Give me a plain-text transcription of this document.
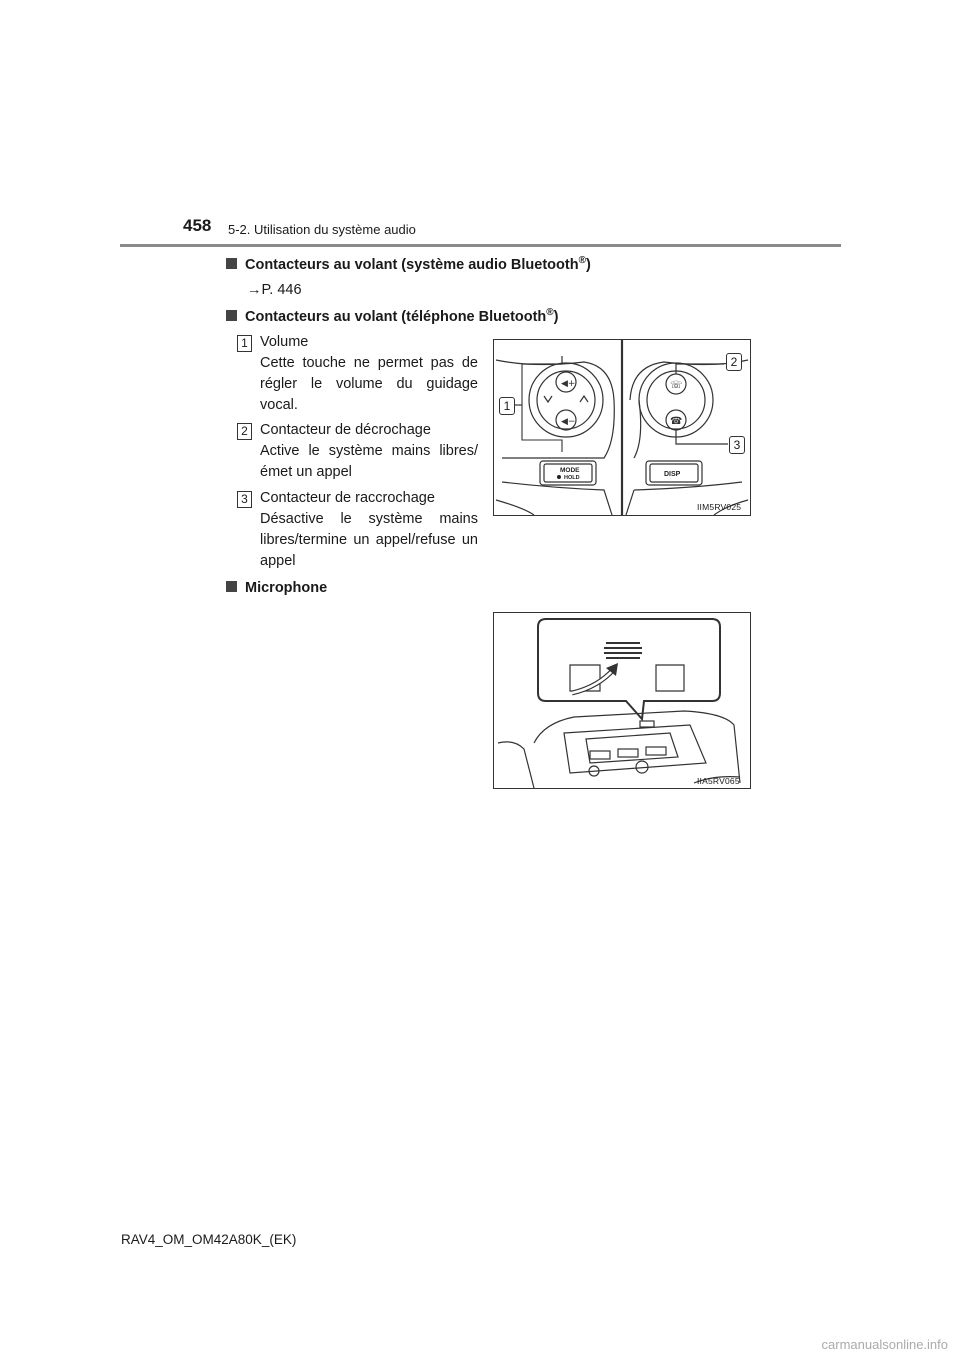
458 5-2. Utilisation du système audio
Contacteurs au volant (système audio Bluetooth®)
→P. 446
Contacteurs au volant (téléphone Bluetooth®)
1 Volume
Cette touche ne permet pas de régler le volume du guidage vocal.
2 Contacteur de décrochage
Active le système mains libres/ émet un appel
3 Contacteur de raccrochage
Désactive le système mains libres/termine un appel/refuse un appel
◀+
◀−
☏
☎
MODE
HOLD	DISP
1
2
3
IIM5RV025
Microphone
IIA5RV065
RAV4_OM_OM42A80K_(EK)
carmanualsonline.info
